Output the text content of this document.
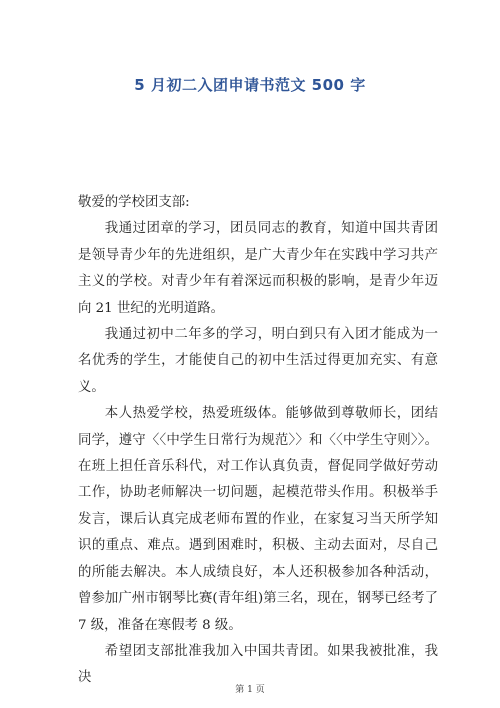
5 月初二入团申请书范文 500 字

敬爱的学校团支部:

我通过团章的学习，团员同志的教育，知道中国共青团是领导青少年的先进组织，是广大青少年在实践中学习共产主义的学校。对青少年有着深远而积极的影响，是青少年迈向 21 世纪的光明道路。

我通过初中二年多的学习，明白到只有入团才能成为一名优秀的学生，才能使自己的初中生活过得更加充实、有意义。

本人热爱学校，热爱班级体。能够做到尊敬师长，团结同学，遵守〈〈中学生日常行为规范〉〉和〈〈中学生守则〉〉。在班上担任音乐科代，对工作认真负责，督促同学做好劳动工作，协助老师解决一切问题，起模范带头作用。积极举手发言，课后认真完成老师布置的作业，在家复习当天所学知识的重点、难点。遇到困难时，积极、主动去面对，尽自己的所能去解决。本人成绩良好，本人还积极参加各种活动，曾参加广州市钢琴比赛(青年组)第三名，现在，钢琴已经考了 7 级，准备在寒假考 8 级。

希望团支部批准我加入中国共青团。如果我被批准，我决

第 1 页
